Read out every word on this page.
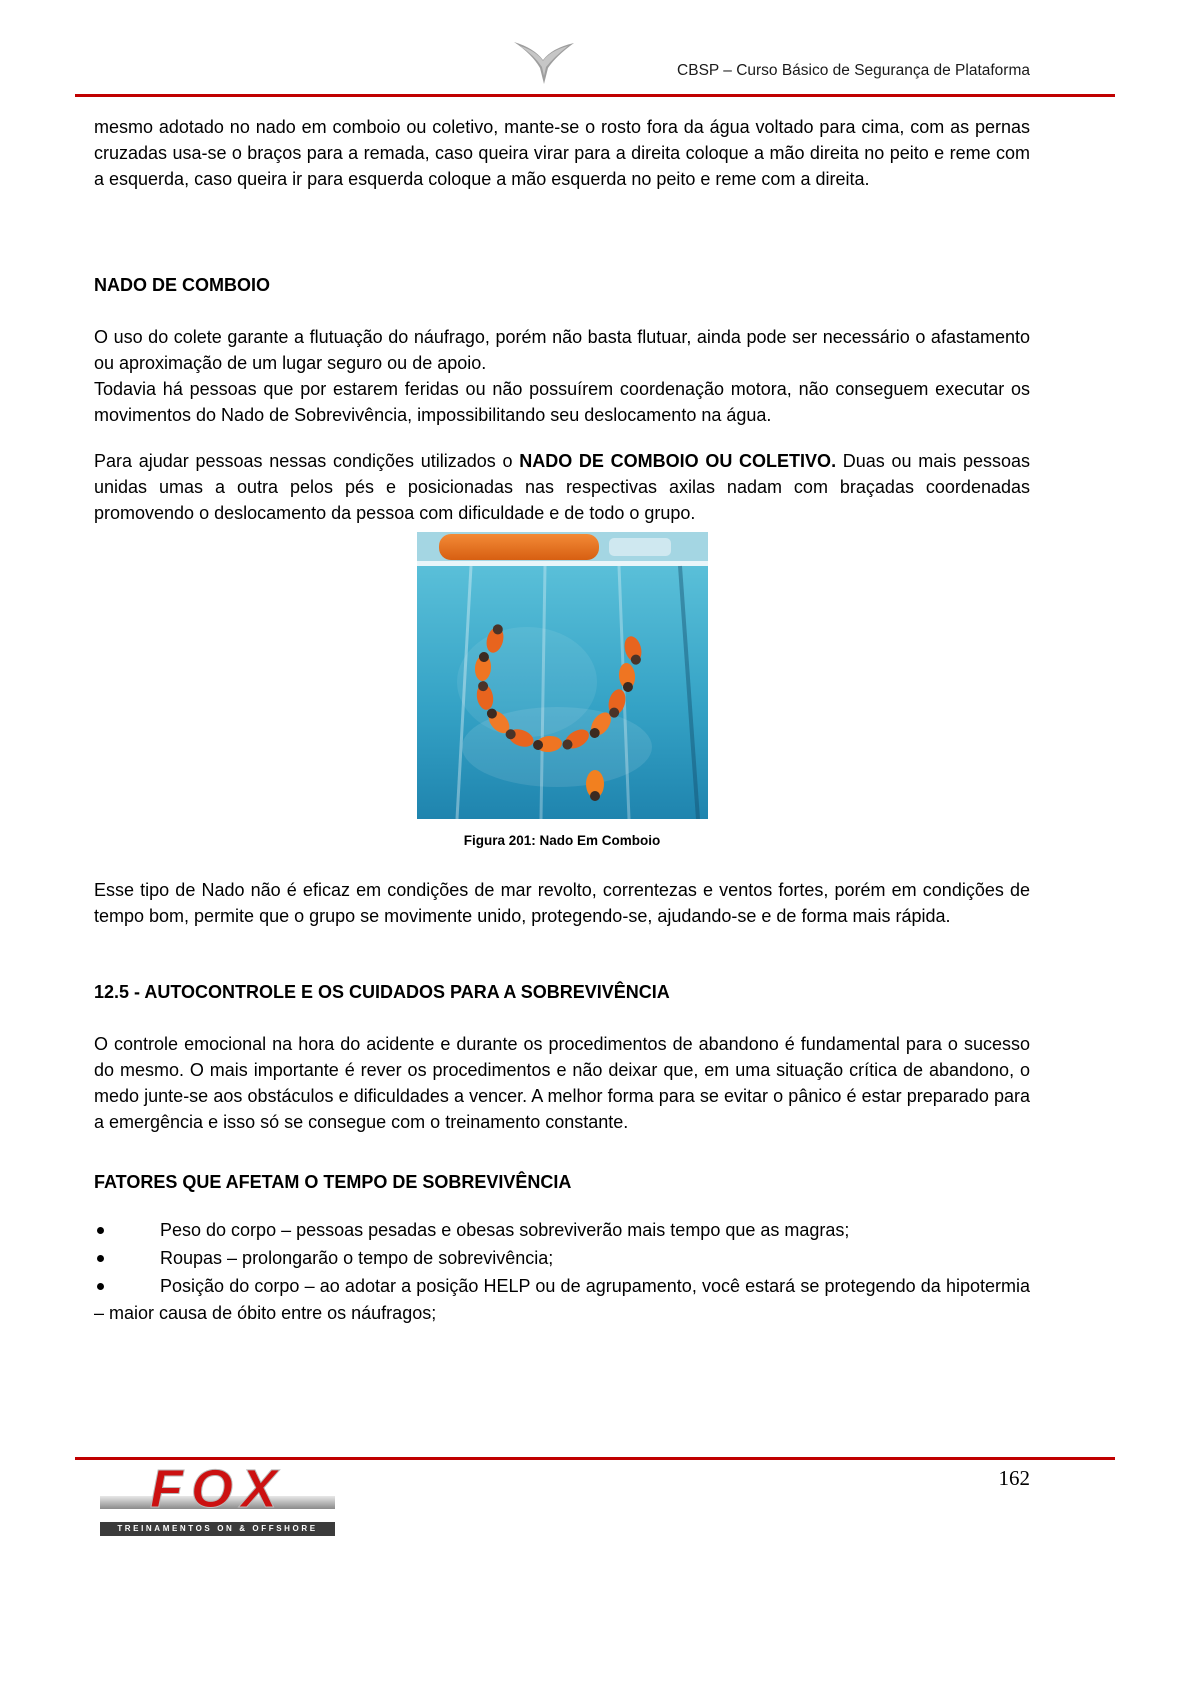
CBSP – Curso Básico de Segurança de Plataforma

mesmo adotado no nado em comboio ou coletivo, mante-se o rosto fora da água voltado para cima, com as pernas cruzadas usa-se o braços para a remada, caso queira virar para a direita coloque a mão direita no peito e reme com a esquerda, caso queira ir para esquerda coloque a mão esquerda no peito e reme com a direita.

NADO DE COMBOIO

O uso do colete garante a flutuação do náufrago, porém não basta flutuar, ainda pode ser necessário o afastamento ou aproximação de um lugar seguro ou de apoio.
Todavia há pessoas que por estarem feridas ou não possuírem coordenação motora, não conseguem executar os movimentos do Nado de Sobrevivência, impossibilitando seu deslocamento na água.

Para ajudar pessoas nessas condições utilizados o NADO DE COMBOIO OU COLETIVO. Duas ou mais pessoas unidas umas a outra pelos pés e posicionadas nas respectivas axilas nadam com braçadas coordenadas promovendo o deslocamento da pessoa com dificuldade e de todo o grupo.

Figura 201: Nado Em Comboio

Esse tipo de Nado não é eficaz em condições de mar revolto, correntezas e ventos fortes, porém em condições de tempo bom, permite que o grupo se movimente unido, protegendo-se, ajudando-se e de forma mais rápida.

12.5 - AUTOCONTROLE E OS CUIDADOS PARA A SOBREVIVÊNCIA

O controle emocional na hora do acidente e durante os procedimentos de abandono é fundamental para o sucesso do mesmo. O mais importante é rever os procedimentos e não deixar que, em uma situação crítica de abandono, o medo junte-se aos obstáculos e dificuldades a vencer. A melhor forma para se evitar o pânico é estar preparado para a emergência e isso só se consegue com o treinamento constante.

FATORES QUE AFETAM O TEMPO DE SOBREVIVÊNCIA
Peso do corpo – pessoas pesadas e obesas sobreviverão mais tempo que as magras;
Roupas – prolongarão o tempo de sobrevivência;
Posição do corpo – ao adotar a posição HELP ou de agrupamento, você estará se protegendo da hipotermia – maior causa de óbito entre os náufragos;
162
FOX
TREINAMENTOS ON & OFFSHORE
